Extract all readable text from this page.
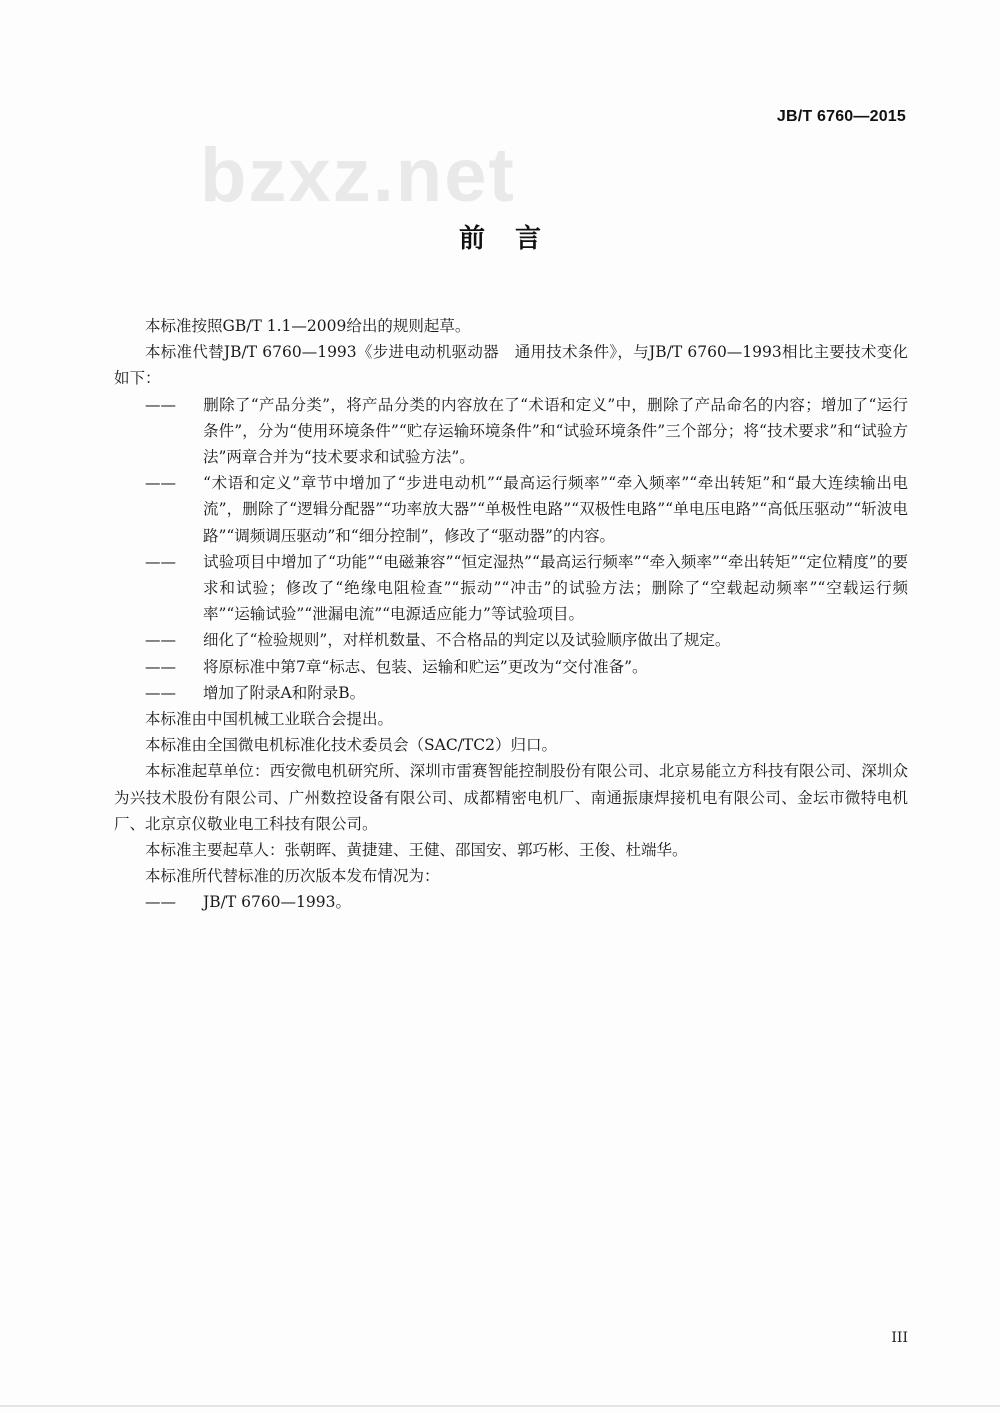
JB/T 6760—2015
bzxz.net
前言

本标准按照GB/T 1.1—2009给出的规则起草。

本标准代替JB/T 6760—1993《步进电动机驱动器　通用技术条件》，与JB/T 6760—1993相比主要技术变化如下：

—— 删除了“产品分类”，将产品分类的内容放在了“术语和定义”中，删除了产品命名的内容；增加了“运行条件”，分为“使用环境条件”“贮存运输环境条件”和“试验环境条件”三个部分；将“技术要求”和“试验方法”两章合并为“技术要求和试验方法”。

—— “术语和定义”章节中增加了“步进电动机”“最高运行频率”“牵入频率”“牵出转矩”和“最大连续输出电流”，删除了“逻辑分配器”“功率放大器”“单极性电路”“双极性电路”“单电压电路”“高低压驱动”“斩波电路”“调频调压驱动”和“细分控制”，修改了“驱动器”的内容。

—— 试验项目中增加了“功能”“电磁兼容”“恒定湿热”“最高运行频率”“牵入频率”“牵出转矩”“定位精度”的要求和试验；修改了“绝缘电阻检查”“振动”“冲击”的试验方法；删除了“空载起动频率”“空载运行频率”“运输试验”“泄漏电流”“电源适应能力”等试验项目。

—— 细化了“检验规则”，对样机数量、不合格品的判定以及试验顺序做出了规定。

—— 将原标准中第7章“标志、包装、运输和贮运”更改为“交付准备”。

—— 增加了附录A和附录B。

本标准由中国机械工业联合会提出。

本标准由全国微电机标准化技术委员会（SAC/TC2）归口。

本标准起草单位：西安微电机研究所、深圳市雷赛智能控制股份有限公司、北京易能立方科技有限公司、深圳众为兴技术股份有限公司、广州数控设备有限公司、成都精密电机厂、南通振康焊接机电有限公司、金坛市微特电机厂、北京京仪敬业电工科技有限公司。

本标准主要起草人：张朝晖、黄捷建、王健、邵国安、郭巧彬、王俊、杜端华。

本标准所代替标准的历次版本发布情况为：

—— JB/T 6760—1993。

III
